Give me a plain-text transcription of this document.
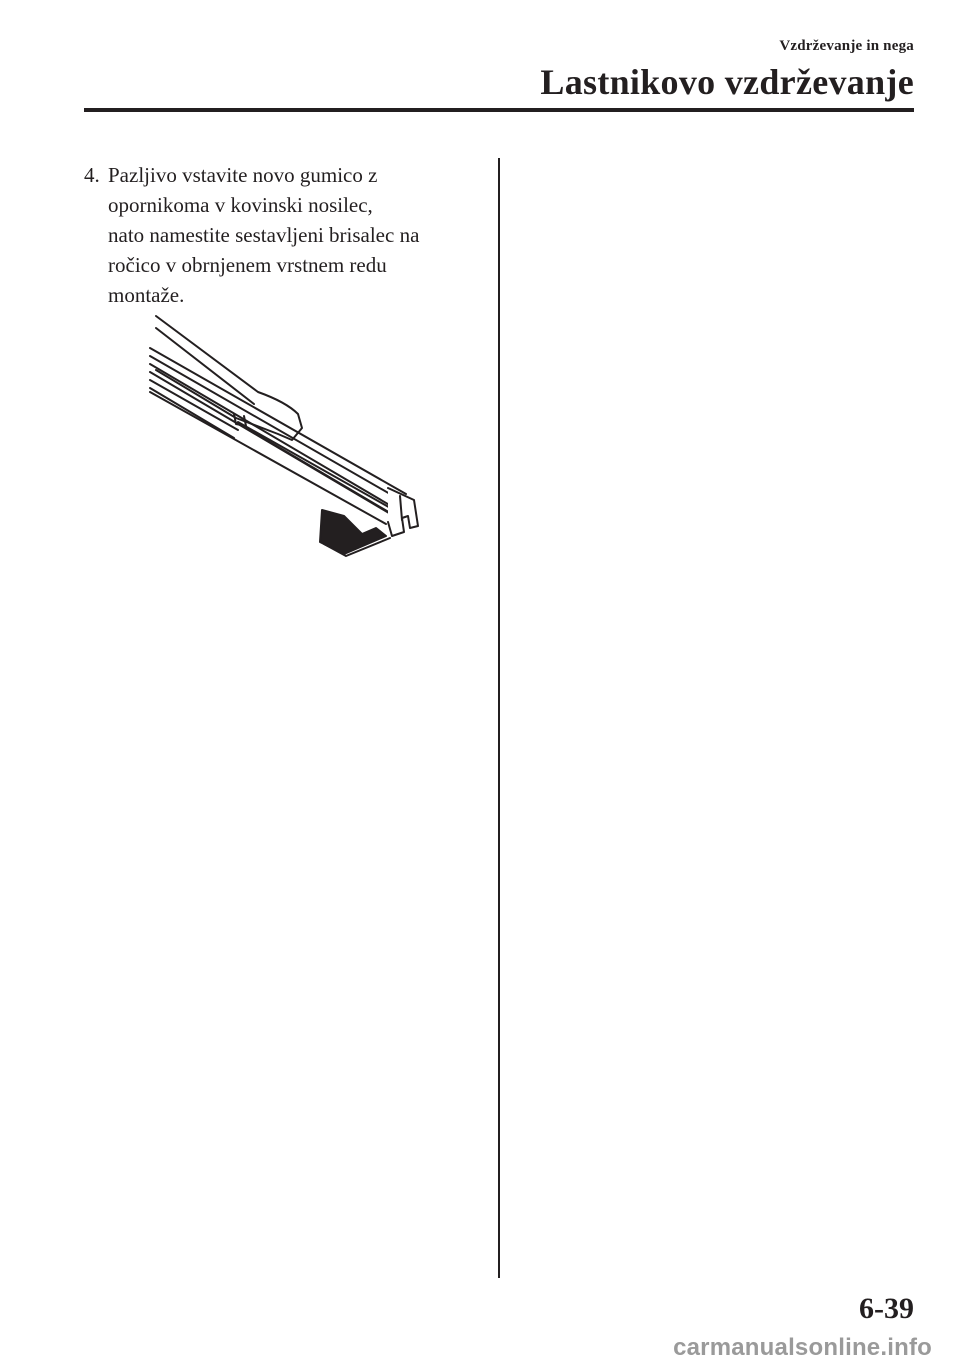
Vzdrževanje in nega
Lastnikovo vzdrževanje
4. Pazljivo vstavite novo gumico z
opornikoma v kovinski nosilec,
nato namestite sestavljeni brisalec na
ročico v obrnjenem vrstnem redu
montaže.
6-39
carmanualsonline.info
